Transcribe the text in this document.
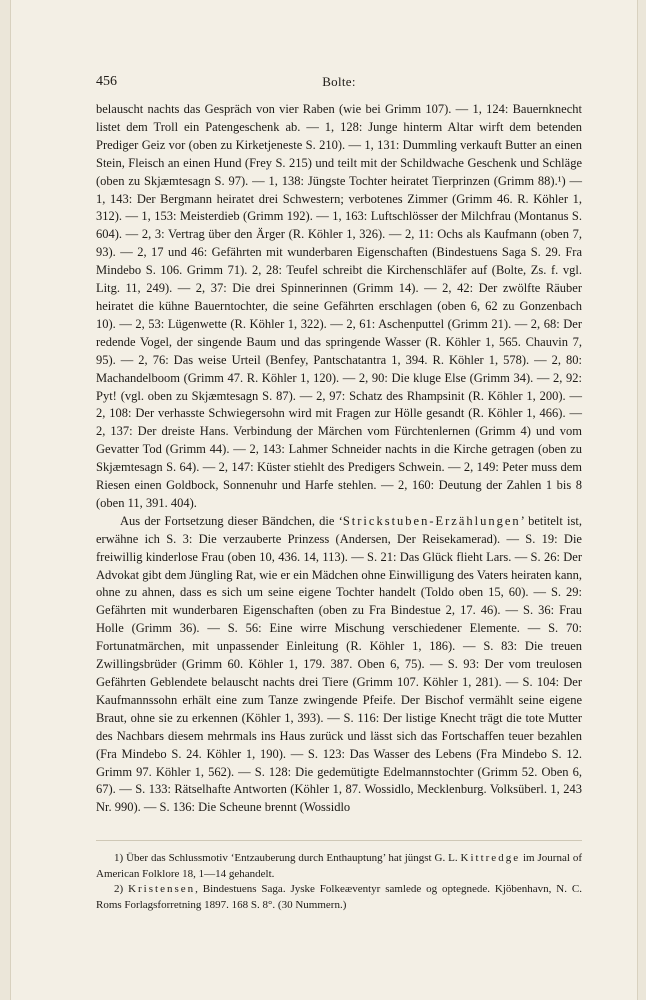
456	Bolte:

belauscht nachts das Gespräch von vier Raben (wie bei Grimm 107). — 1, 124: Bauernknecht listet dem Troll ein Patengeschenk ab. — 1, 128: Junge hinterm Altar wirft dem betenden Prediger Geiz vor (oben zu Kirketjeneste S. 210). — 1, 131: Dummling verkauft Butter an einen Stein, Fleisch an einen Hund (Frey S. 215) und teilt mit der Schildwache Geschenk und Schläge (oben zu Skjæmtesagn S. 97). — 1, 138: Jüngste Tochter heiratet Tierprinzen (Grimm 88).¹) — 1, 143: Der Bergmann heiratet drei Schwestern; verbotenes Zimmer (Grimm 46. R. Köhler 1, 312). — 1, 153: Meisterdieb (Grimm 192). — 1, 163: Luftschlösser der Milchfrau (Montanus S. 604). — 2, 3: Vertrag über den Ärger (R. Köhler 1, 326). — 2, 11: Ochs als Kaufmann (oben 7, 93). — 2, 17 und 46: Gefährten mit wunderbaren Eigenschaften (Bindestuens Saga S. 29. Fra Mindebo S. 106. Grimm 71). 2, 28: Teufel schreibt die Kirchenschläfer auf (Bolte, Zs. f. vgl. Litg. 11, 249). — 2, 37: Die drei Spinnerinnen (Grimm 14). — 2, 42: Der zwölfte Räuber heiratet die kühne Bauerntochter, die seine Gefährten erschlagen (oben 6, 62 zu Gonzenbach 10). — 2, 53: Lügenwette (R. Köhler 1, 322). — 2, 61: Aschenputtel (Grimm 21). — 2, 68: Der redende Vogel, der singende Baum und das springende Wasser (R. Köhler 1, 565. Chauvin 7, 95). — 2, 76: Das weise Urteil (Benfey, Pantschatantra 1, 394. R. Köhler 1, 578). — 2, 80: Machandelboom (Grimm 47. R. Köhler 1, 120). — 2, 90: Die kluge Else (Grimm 34). — 2, 92: Pyt! (vgl. oben zu Skjæmtesagn S. 87). — 2, 97: Schatz des Rhampsinit (R. Köhler 1, 200). — 2, 108: Der verhasste Schwiegersohn wird mit Fragen zur Hölle gesandt (R. Köhler 1, 466). — 2, 137: Der dreiste Hans. Verbindung der Märchen vom Fürchtenlernen (Grimm 4) und vom Gevatter Tod (Grimm 44). — 2, 143: Lahmer Schneider nachts in die Kirche getragen (oben zu Skjæmtesagn S. 64). — 2, 147: Küster stiehlt des Predigers Schwein. — 2, 149: Peter muss dem Riesen einen Goldbock, Sonnenuhr und Harfe stehlen. — 2, 160: Deutung der Zahlen 1 bis 8 (oben 11, 391. 404).

Aus der Fortsetzung dieser Bändchen, die ‘Strickstuben-Erzählungen’ betitelt ist, erwähne ich S. 3: Die verzauberte Prinzess (Andersen, Der Reisekamerad). — S. 19: Die freiwillig kinderlose Frau (oben 10, 436. 14, 113). — S. 21: Das Glück flieht Lars. — S. 26: Der Advokat gibt dem Jüngling Rat, wie er ein Mädchen ohne Einwilligung des Vaters heiraten kann, ohne zu ahnen, dass es sich um seine eigene Tochter handelt (Toldo oben 15, 60). — S. 29: Gefährten mit wunderbaren Eigenschaften (oben zu Fra Bindestue 2, 17. 46). — S. 36: Frau Holle (Grimm 36). — S. 56: Eine wirre Mischung verschiedener Elemente. — S. 70: Fortunatmärchen, mit unpassender Einleitung (R. Köhler 1, 186). — S. 83: Die treuen Zwillingsbrüder (Grimm 60. Köhler 1, 179. 387. Oben 6, 75). — S. 93: Der vom treulosen Gefährten Geblendete belauscht nachts drei Tiere (Grimm 107. Köhler 1, 281). — S. 104: Der Kaufmannssohn erhält eine zum Tanze zwingende Pfeife. Der Bischof vermählt seine eigene Braut, ohne sie zu erkennen (Köhler 1, 393). — S. 116: Der listige Knecht trägt die tote Mutter des Nachbars diesem mehrmals ins Haus zurück und lässt sich das Fortschaffen teuer bezahlen (Fra Mindebo S. 24. Köhler 1, 190). — S. 123: Das Wasser des Lebens (Fra Mindebo S. 12. Grimm 97. Köhler 1, 562). — S. 128: Die gedemütigte Edelmannstochter (Grimm 52. Oben 6, 67). — S. 133: Rätselhafte Antworten (Köhler 1, 87. Wossidlo, Mecklenburg. Volksüberl. 1, 243 Nr. 990). — S. 136: Die Scheune brennt (Wossidlo

1) Über das Schlussmotiv ‘Entzauberung durch Enthauptung’ hat jüngst G. L. Kittredge im Journal of American Folklore 18, 1—14 gehandelt.

2) Kristensen, Bindestuens Saga. Jyske Folkeæventyr samlede og optegnede. Kjöbenhavn, N. C. Roms Forlagsforretning 1897. 168 S. 8°. (30 Nummern.)
